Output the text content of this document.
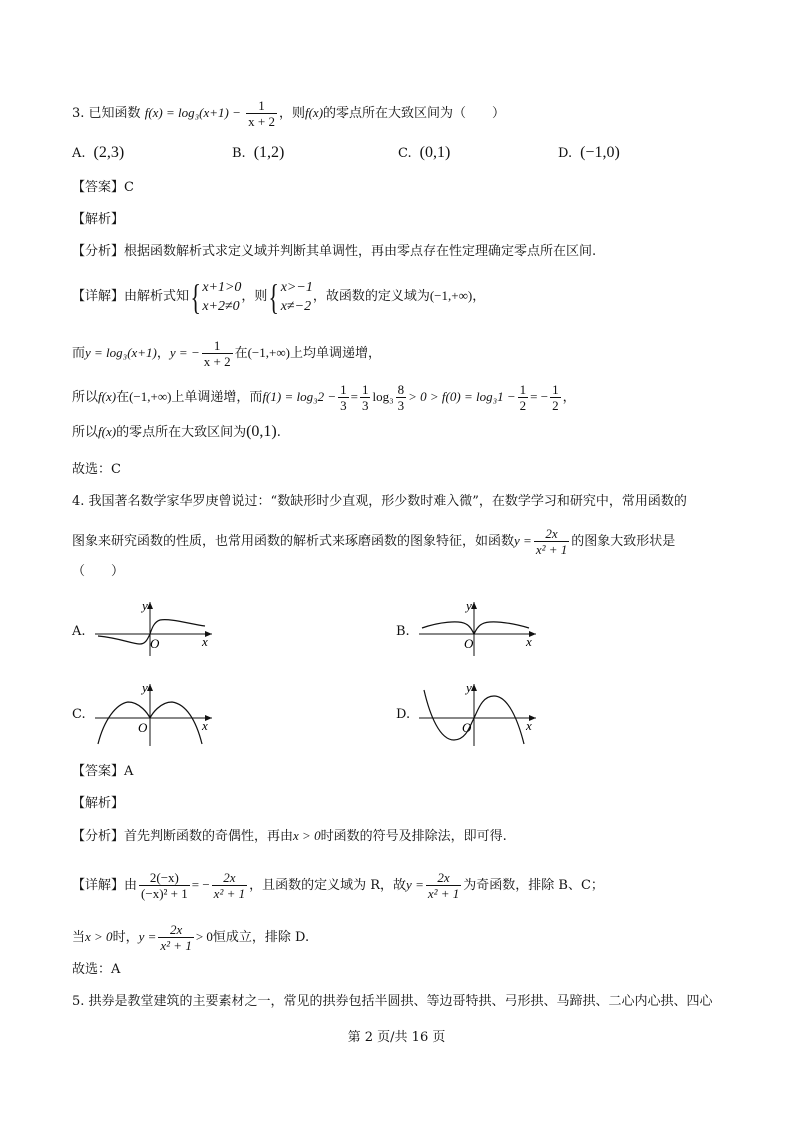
3. 已知函数 $f(x) = \log_3(x+1) - \frac{1}{x + 2}$ ，则f(x)的零点所在大致区间为（　　）
A. (2,3)	B. (1,2)	C. (0,1)	D. (−1,0)
【答案】C
【解析】
【分析】根据函数解析式求定义域并判断其单调性，再由零点存在性定理确定零点所在区间.
【详解】由解析式知{x+1>0
x+2≠0，则{x>−1
x≠−2，故函数的定义域为(−1,+∞)，
而y = log₃(x+1)，y = − $\frac{1}{x + 2}$ 在(−1,+∞)上均单调递增，
所以f(x)在(−1,+∞)上单调递增，而$f(1) = \log_32 - \frac{1}{3} = \frac{1}{3} \log_3 \frac{8}{3} > 0 > f(0) = \log_31 - \frac{1}{2}$ = − $\frac{1}{2}$ ，
所以f(x)的零点所在大致区间为(0,1).
故选：C
4. 我国著名数学家华罗庚曾说过：“数缺形时少直观，形少数时难入微”，在数学学习和研究中，常用函数的
图象来研究函数的性质，也常用函数的解析式来琢磨函数的图象特征，如函数$y = \frac{2x}{\text{x² + 1}}$ 的图象大致形状是
（　　）
A.	B.
C.	D.
y
x
O
y
x
O
y
x
O
y
x
O
【答案】A
【解析】
【分析】首先判断函数的奇偶性，再由x > 0时函数的符号及排除法，即可得.
【详解】由 $\frac{2(-x)}{\text{(−x)² + 1}}$ = − $\frac{2x}{\text{x² + 1}}$ ，且函数的定义域为 R，故$y = \frac{2x}{\text{x² + 1}}$ 为奇函数，排除 B、C；
当x > 0时，$y = \frac{2x}{\text{x² + 1}} > 0$恒成立，排除 D.
故选：A
5. 拱券是教堂建筑的主要素材之一，常见的拱券包括半圆拱、等边哥特拱、弓形拱、马蹄拱、二心内心拱、四心
第 2 页/共 16 页
